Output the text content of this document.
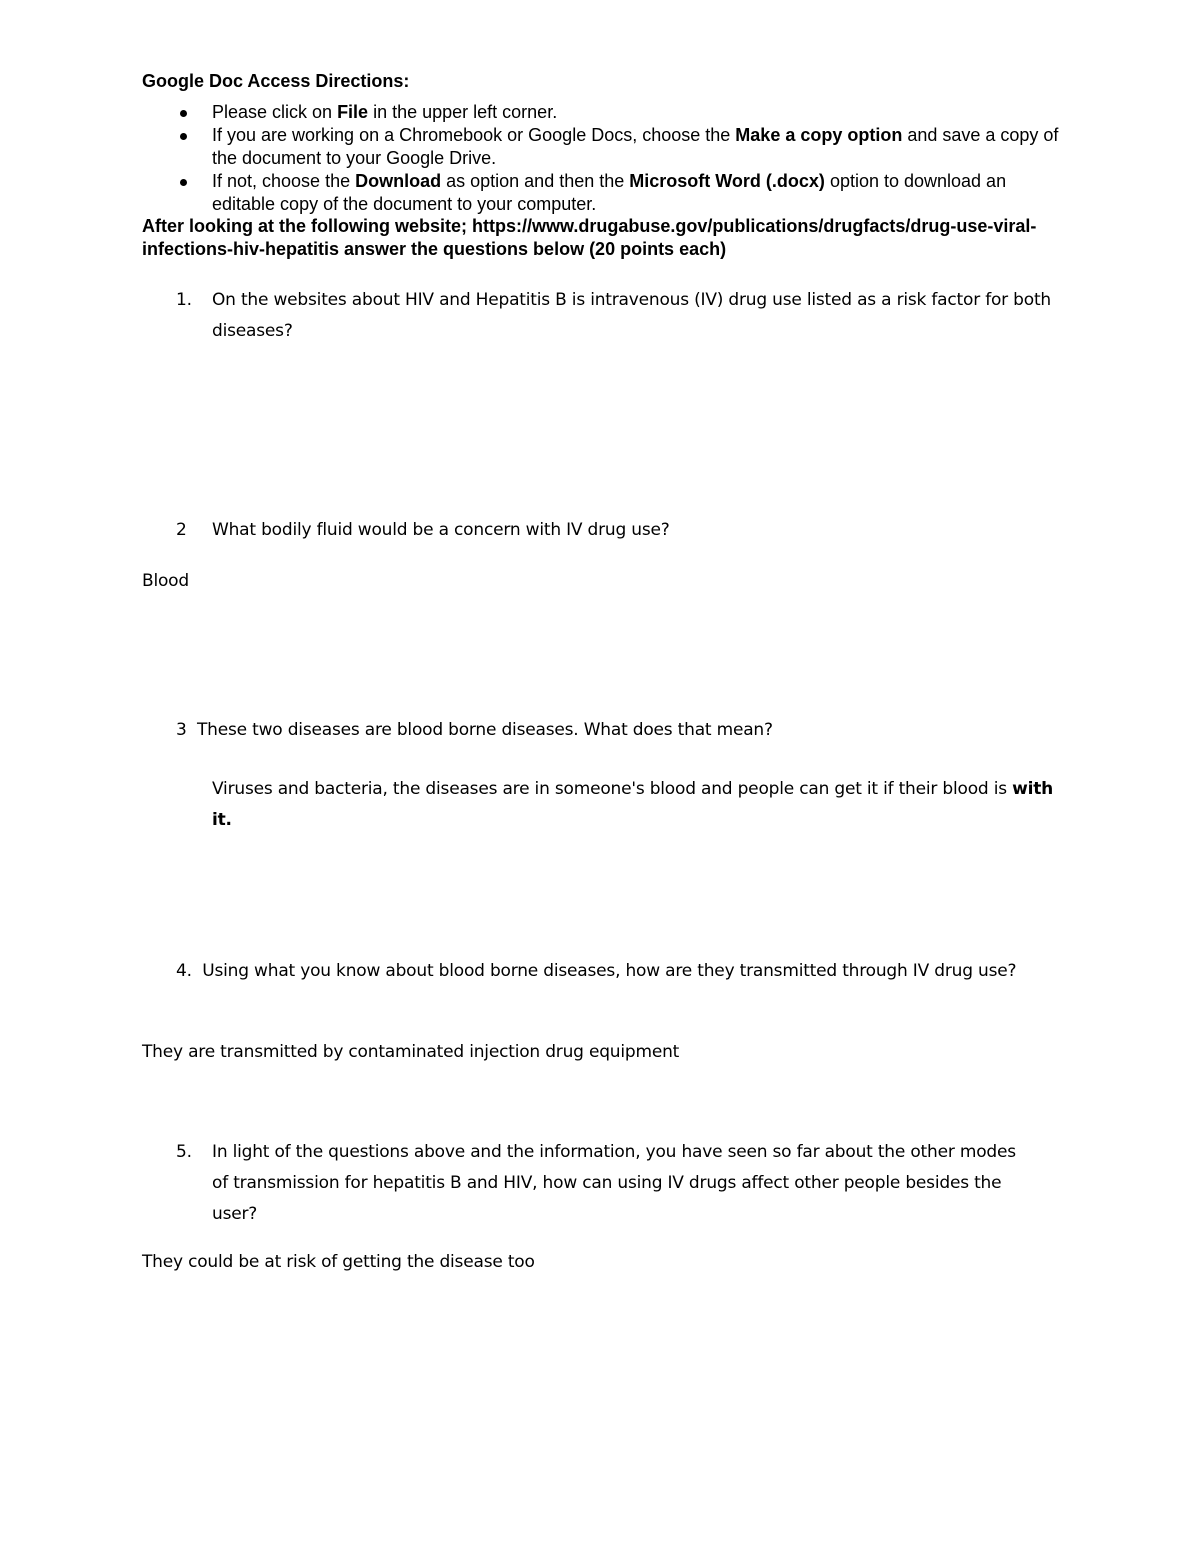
Google Doc Access Directions:

Please click on File in the upper left corner.
If you are working on a Chromebook or Google Docs, choose the Make a copy option and save a copy of the document to your Google Drive.
If not, choose the Download as option and then the Microsoft Word (.docx) option to download an editable copy of the document to your computer.

After looking at the following website; https://www.drugabuse.gov/publications/drugfacts/drug-use-viral-infections-hiv-hepatitis answer the questions below (20 points each)

1.	On the websites about HIV and Hepatitis B is intravenous (IV) drug use listed as a risk factor for both diseases?
2	What bodily fluid would be a concern with IV drug use?

Blood

3 These two diseases are blood borne diseases. What does that mean?

Viruses and bacteria, the diseases are in someone's blood and people can get it if their blood is with it.

4. Using what you know about blood borne diseases, how are they transmitted through IV drug use?

They are transmitted by contaminated injection drug equipment

5.	In light of the questions above and the information, you have seen so far about the other modes of transmission for hepatitis B and HIV, how can using IV drugs affect other people besides the user?

They could be at risk of getting the disease too
